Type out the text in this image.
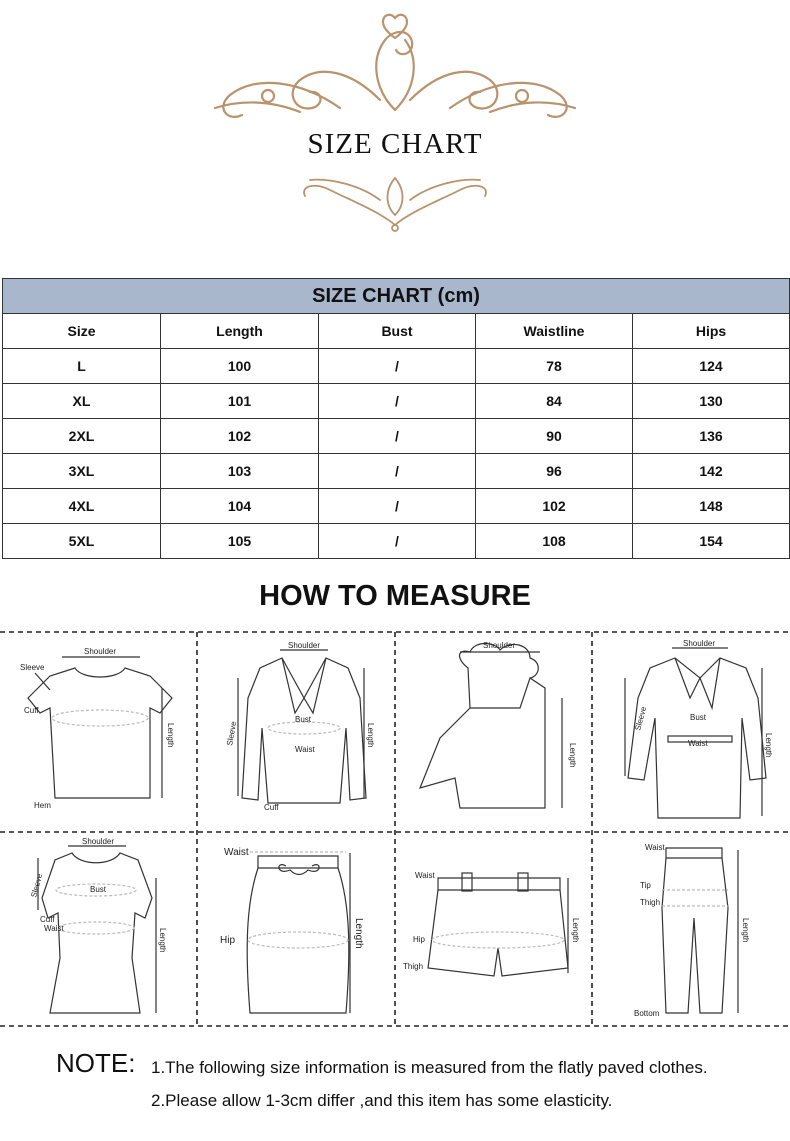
SIZE CHART
SIZE CHART (cm)				
Size	Length	Bust	Waistline	Hips
L	100	/	78	124
XL	101	/	84	130
2XL	102	/	90	136
3XL	103	/	96	142
4XL	104	/	102	148
5XL	105	/	108	154
HOW TO MEASURE
Shoulder
Sleeve
Cuff
Length
Hem
Shoulder
Sleeve
Bust
Waist
Length
Cuff
Shoulder
Length
Shoulder
Sleeve	Bust
Waist	Length
Shoulder
Sleeve	Bust
Cuff
Waist	Length
Waist
Hip	Length
Waist
Hip
Thigh
Length
Waist
Tip
Thigh
Length
Bottom
NOTE: 1.The following size information is measured from the flatly paved clothes.
2.Please allow 1-3cm differ ,and this item has some elasticity.
